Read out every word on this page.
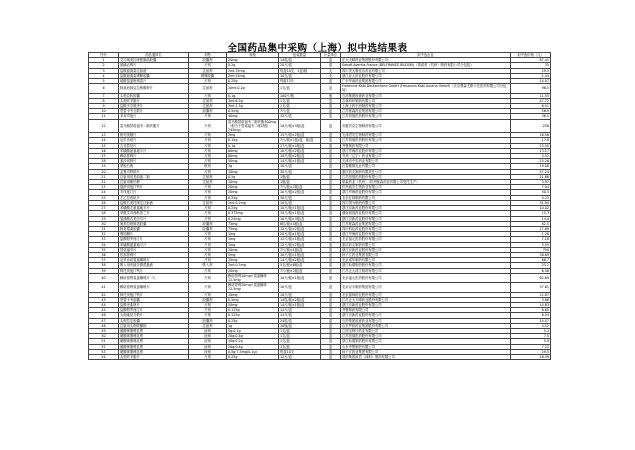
全国药品集中采购（上海）拟中选结果表
序号	药品通用名	剂型	规格	包装数量	计量单位	拟中选企业	拟中选价格（元）
1	艾司奥美拉唑镁肠溶胶囊	胶囊剂	20mg	14粒/盒	盒	正大天晴药业集团股份有限公司	67.41
2	氨磺必利片	片剂	0.2g	20片/盒	盒	Sanofi-Aventis France (BELFRANCE BILDON)（赛诺菲（杭州）制药有限公司分包装）	35
3	盐酸氨溴索注射液	注射剂	2ml:15mg	每盒10支；5盒/箱	支	四川美大康佳乐药业有限公司	29.5
4	盐酸氨溴索缓释胶囊	缓释胶囊	2ml:15mg	10支/盒	支	浙江亚太药业股份有限公司	1.44
5	硫酸氢氯吡格雷片	片剂	0.25g	每板12片	盒	广东华南药业集团有限公司	14.07
6	阿莫西林克拉维酸钾片	注射剂	20ml:0.2g	1支/盒	盒	Fresenius Kabi Deutschland GmbH (Fresenius Kabi Austria GmbH)（北京费森尤斯卡比医药有限公司分包装）	96.5
7	头孢克肟胶囊	片剂	0.1g	100片/瓶	瓶	石药集团欧意药业有限公司	11.55
8	头孢呋辛酯片	注射剂	3ml:6.5g	1支/盒	盒	吉林四环制药有限公司	47.72
9	盐酸多奈哌齐片	注射剂	3ml:1.5g	1支/盒	盒	上海上药中西制药有限公司	6.51
10	恩替卡韦分散片	胶囊剂	0.5mg	7片/盒	盒	江苏豪森药业集团有限公司	56.9
11	非布司他片	片剂	40mg	12片/盒	盒	江苏恒瑞医药股份有限公司	36.5
12	富马酸替诺福韦二吡呋酯片	片剂	富马酸替诺福韦二吡呋酯300mg（相当于替诺福韦二吡呋酯245mg）	10片/板×3板/盒	盒	安徽贝克生物制药有限公司	258
13	格列美脲片	片剂	2mg	15片/板×2板/盒	盒	天津君安生物制药有限公司	16.56
14	厄贝沙坦片	片剂	0.15g	7片/板×1板/盒，板/盒	盒	江苏恒瑞医药股份有限公司	17.8
15	吉非替尼片	片剂	0.1g	17片/板×4板/盒	盒	齐鲁制药有限公司	23.35
16	苯磺酸氨氯地平片	片剂	60mg	10片/板×2板/盒	盒	浙江华海药业股份有限公司	13.17
17	赖诺普利片	片剂	60mg	10片/板×2板/盒	盒	苏州（辽宁）药业有限公司	3.52
18	氯沙坦钾片	片剂	50mg	14片/板×1板/盒	盒	天津市中央药业有限公司	25.26
19	蒙脱石散	散剂	3g	10片/盒	盒	长春雅德乳业有限公司	19.08
20	孟鲁司特钠片	片剂	10mg	30片/盒	盒	重庆药友制药有限责任公司	57.24
21	注射用培美曲塞二钠	注射剂	0.5g	1瓶/盒	盒	江苏恒瑞医药股份有限公司	21.66
22	注射用紫杉醇	注射剂	10mg	1瓶/盒	盒	豪森药业（杭州）（杭州豪森药业有限公司受托生产）	3.97
23	瑞舒伐他汀钙片	片剂	20mg	7片/板×2板/盒	盒	杭州迪安生物药业有限公司	7.04
24	辛伐他汀片	片剂	20mg	10片/板×2板/盒	盒	浙江华海药业股份有限公司	50.3
25	左乙拉西坦片	片剂	0.25g	30片/盒	盒	北京红林制药有限公司	4.23
26	盐酸右美托咪定注射液	注射剂	2ml:0.2mg	10支/盒	盒	四川国为制药有限公司	31.94
27	苯磺酸左氨氯地平片	片剂	0.25g	10片/板×1板/盒	盒	浙江京新药业股份有限公司	10.02
28	草酸艾司西酞普兰片	片剂	0.375mg	10片/板×1板/盒	盒	湖南洞庭药业股份有限公司	15.3
29	氢溴酸右美沙芬片	片剂	0.25mg	10片/板×3板/盒	盒	浙江京新药业股份有限公司	14.4
30	奥美拉唑肠溶胶囊	胶囊剂	75mg	8粒/板×4板/盒	盒	江苏豪森药业集团有限公司	82.5
31	阿奇霉素胶囊	胶囊剂	75mg	12片/板×2板/盒	盒	四川科伦药业股份有限公司	17.69
32	利培酮片	片剂	1mg	20片/板×1板/盒	盒	浙江华海药业股份有限公司	1.28
33	盐酸帕罗西汀片	片剂	1mg	12片/板×1板/盒	盒	北京福元医药股份有限公司	7.18
34	苯磺酸氨氯地平片	片剂	1mg	12片/板×2板/盒	盒	重庆药友制药有限公司	5.55
35	替诺福韦片	片剂	20mg	7片/板×1板/盒	盒	浙江京新药业股份有限公司	750
36	依那普利片	片剂	5mg	10片/板×1板/盒	盒	扬子江药业集团有限公司	38.89
37	厄贝沙坦氢氯噻嗪片	片剂	25mg	14片/板×2板/盒	盒	北京诺华制药有限公司	68.7
38	吸入用布地奈德混悬液	吸入剂	2ml:0.5mg	5支/板×6板/盒	盒	浙江仙琚制药股份有限公司	23.2
39	阿托伐他汀钙片	片剂	20mg	7片/板×2板/盒	盒	江苏正大清江制药有限公司	6.56
40	赖诺普利氢氯噻嗪片（Ⅰ）	片剂	赖诺普利10mg+氢氯噻嗪12.5mg	10片/板×1板/盒	盒	北京福元医药股份有限公司	62.69
41	赖诺普利氢氯噻嗪片	片剂	赖诺普利20mg+氢氯噻嗪12.5mg	10片/盒	盒	北京京丰制药集团有限公司	37.61
42	阿托伐他汀钙片	片剂	10mg	10片/盒	盒	北京嘉林药业股份有限公司	12.87
43	恩替卡韦胶囊	胶囊剂	0.5mg	14粒/板×2板/盒	盒	江苏正大天晴药业股份有限公司	3.86
44	盐酸舍曲林片	片剂	50mg	14片/板×1板/盒	盒	浙江京新药业股份有限公司	14.83
45	盐酸帕罗西汀片	片剂	0.125g	14片/盒	盒	齐鲁制药有限公司	6.65
46	头孢地尼分散片	片剂	0.125g	14片/盒	盒	浙江京新药业股份有限公司	6.54
47	头孢拉定胶囊	胶囊剂	0.25g	24粒/盒	盒	石药集团欧意药业有限公司	14.57
48	注射用头孢哌酮钠	注射剂	1g	10瓶/盒	盒	山东罗欣药业集团股份有限公司	4.52
49	硝酸咪康唑乳膏	涂剂	5g:0.1g	1支/盒	盒	江西宝利沙药业有限公司	5.4
50	硝酸咪康唑乳膏	涂剂	20g:0.4g	1支/盒	盒	江苏恒瑞医药股份有限公司	7.5
51	硝酸咪康唑乳膏	涂剂	10g:0.2g	1支/盒	盒	浙江仙琚制药股份有限公司	5.9
52	硝酸咪康唑乳膏	涂剂	20g:0.4g	1支/盒	盒	山东齐鲁制药有限公司	7.25
53	硝酸咪康唑乳膏	涂剂	0.5g:7.5mg(0.1g)	每盒10支	盒	扬子江药业集团有限公司	29.5
54	头孢呋辛酯片	片剂	0.25g	12片/盒	盒	国药集团致君（深圳）制药有限公司	16.39
